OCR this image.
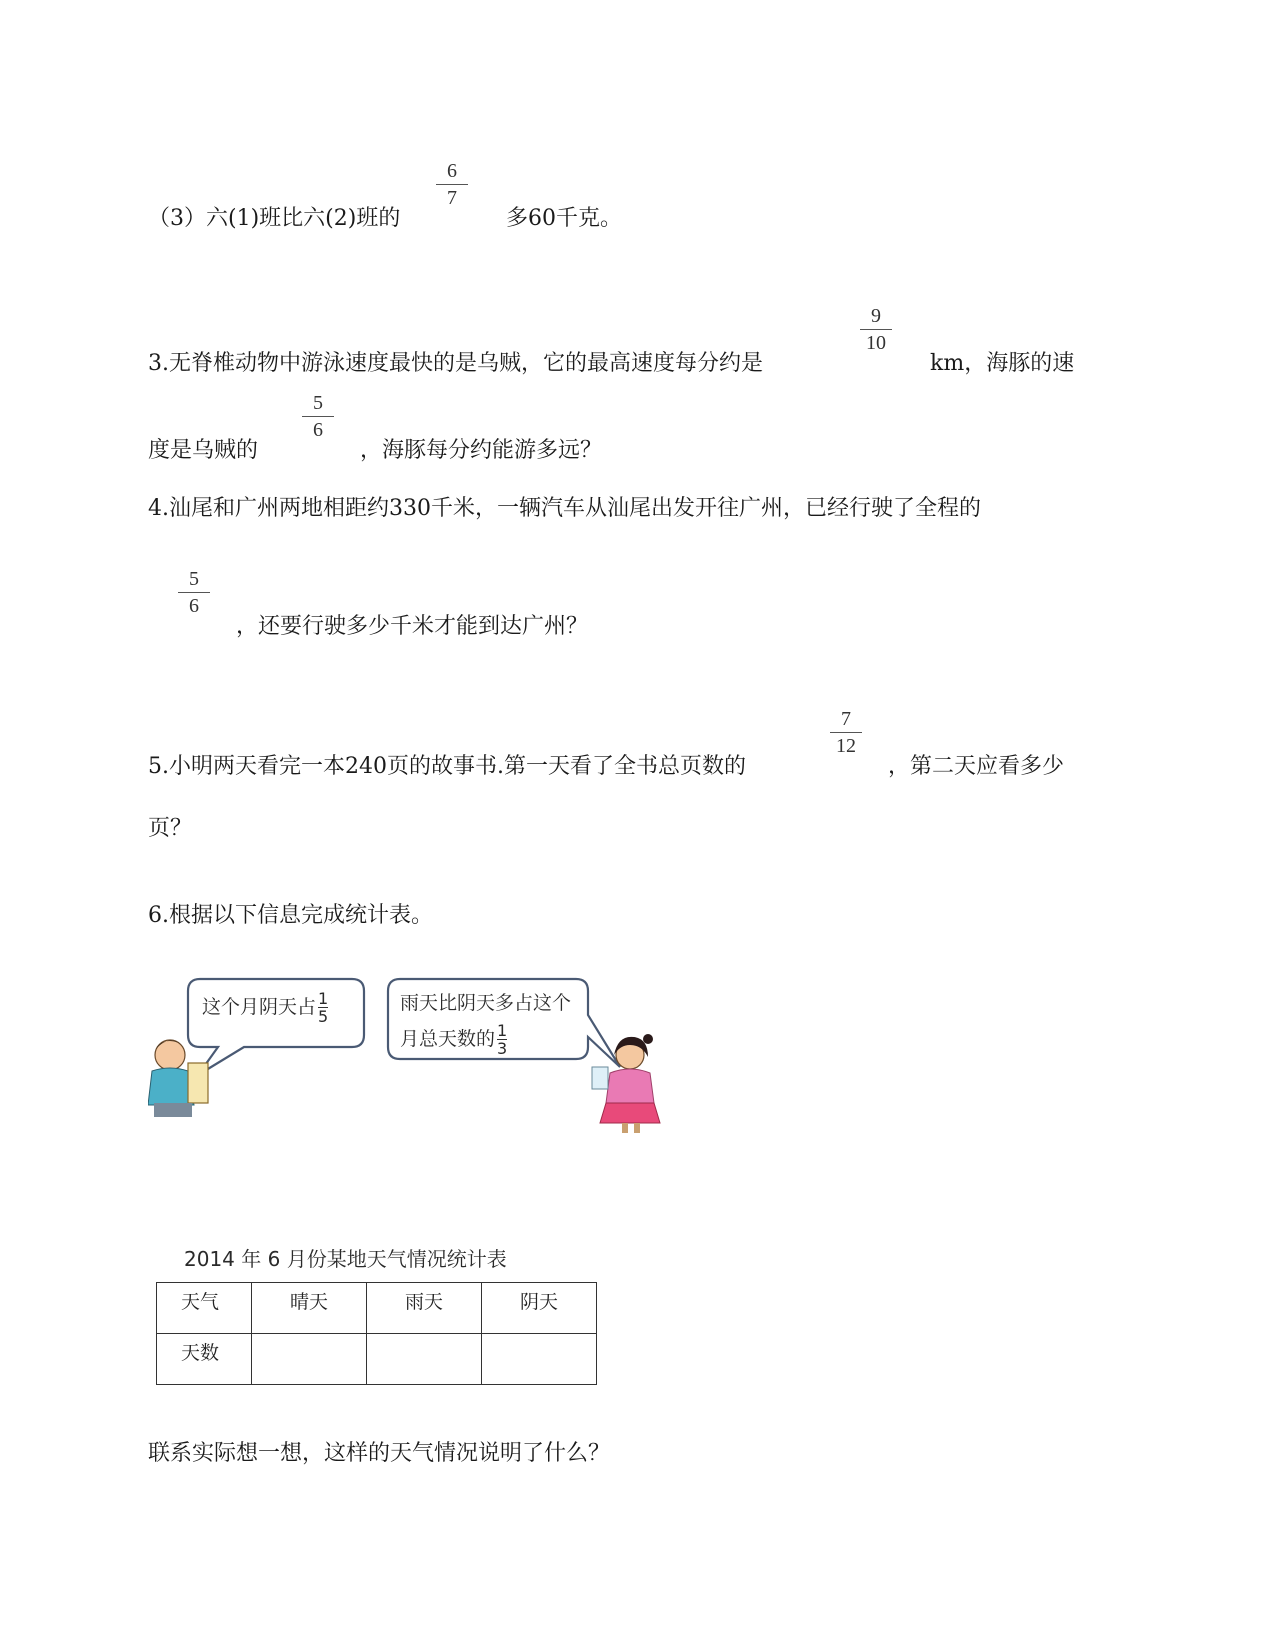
（3）六(1)班比六(2)班的
6
7
多60千克。
3.无脊椎动物中游泳速度最快的是乌贼，它的最高速度每分约是
9
10
km，海豚的速
度是乌贼的
5
6
，海豚每分约能游多远？
4.汕尾和广州两地相距约330千米，一辆汽车从汕尾出发开往广州，已经行驶了全程的
5
6
，还要行驶多少千米才能到达广州？
5.小明两天看完一本240页的故事书.第一天看了全书总页数的
7
12
，第二天应看多少
页？
6.根据以下信息完成统计表。
这个月阴天占 $\frac{1}{5}$	雨天比阴天多占这个
月总天数的 $\frac{1}{3}$
2014 年 6 月份某地天气情况统计表
天气	晴天	雨天	阴天
天数			
联系实际想一想，这样的天气情况说明了什么？
